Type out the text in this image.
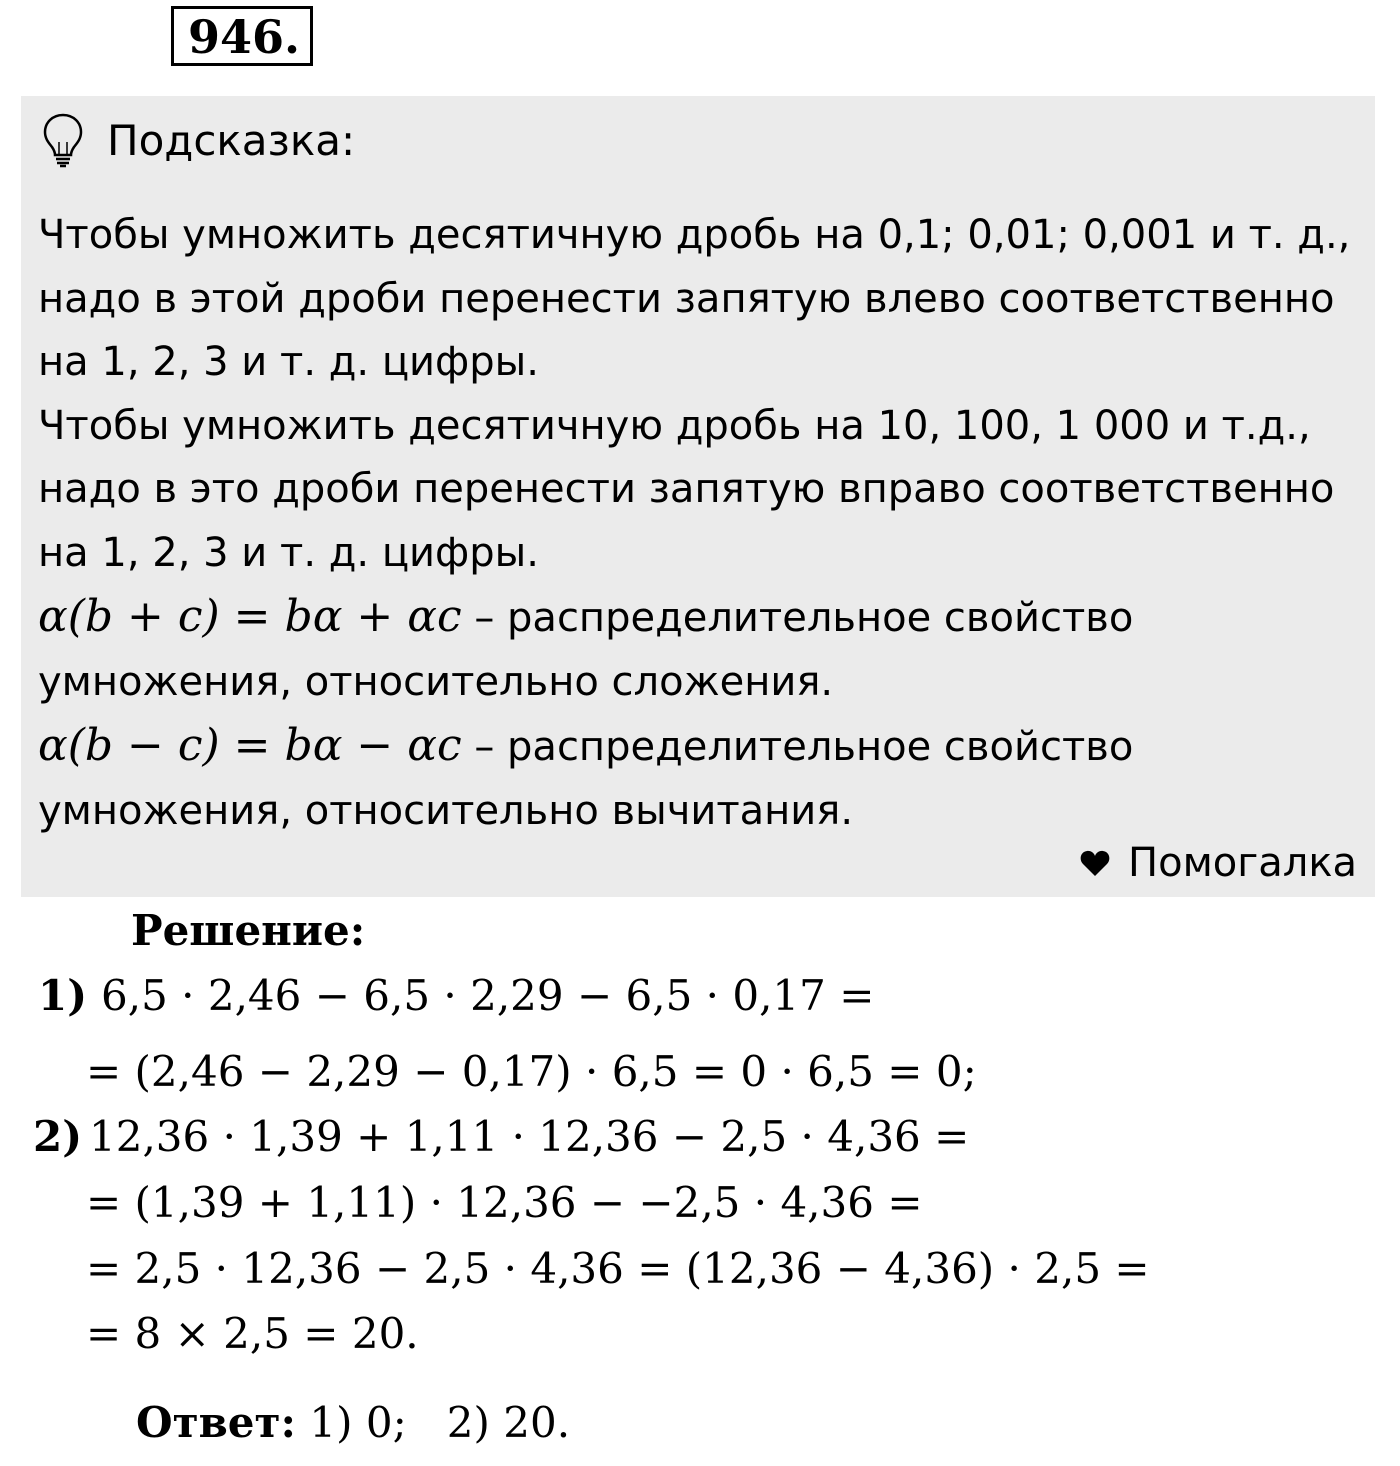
946.
Подсказка:

Чтобы умножить десятичную дробь на 0,1; 0,01; 0,001 и т. д., надо в этой дроби перенести запятую влево соответственно на 1, 2, 3 и т. д. цифры.

Чтобы умножить десятичную дробь на 10, 100, 1 000 и т.д., надо в это дроби перенести запятую вправо соответственно на 1, 2, 3 и т. д. цифры.

α(b + c) = bα + αc – распределительное свойство умножения, относительно сложения.

α(b − c) = bα − αc – распределительное свойство умножения, относительно вычитания.

Помогалка
Решение:
1) 6,5 · 2,46 − 6,5 · 2,29 − 6,5 · 0,17 =
= (2,46 − 2,29 − 0,17) · 6,5 = 0 · 6,5 = 0;
2) 12,36 · 1,39 + 1,11 · 12,36 − 2,5 · 4,36 =
= (1,39 + 1,11) · 12,36 − −2,5 · 4,36 =
= 2,5 · 12,36 − 2,5 · 4,36 = (12,36 − 4,36) · 2,5 =
= 8 × 2,5 = 20.
Ответ: 1) 0;   2) 20.
